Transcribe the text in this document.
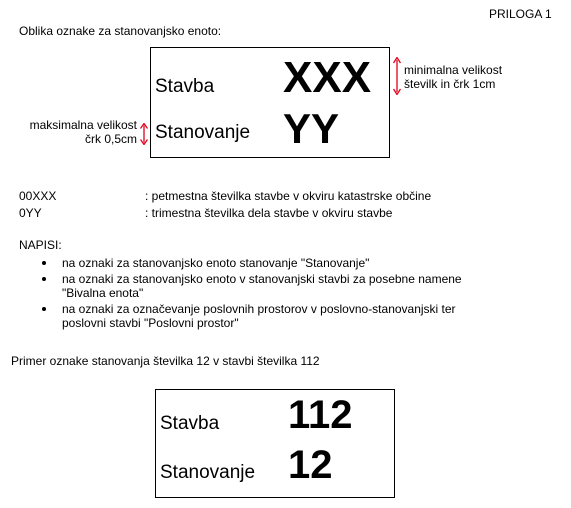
PRILOGA 1
Oblika oznake za stanovanjsko enoto:
Stavba XXX
Stanovanje YY
minimalna velikost
številk in črk 1cm
maksimalna velikost
črk 0,5cm
00XXX	: petmestna številka stavbe v okviru katastrske občine
0YY	: trimestna številka dela stavbe v okviru stavbe
NAPISI:
na oznaki za stanovanjsko enoto stanovanje "Stanovanje"
na oznaki za stanovanjsko enoto v stanovanjski stavbi za posebne namene
"Bivalna enota"
na oznaki za označevanje poslovnih prostorov v poslovno-stanovanjski ter
poslovni stavbi "Poslovni prostor"
Primer oznake stanovanja številka 12 v stavbi številka 112
Stavba 112
Stanovanje 12
